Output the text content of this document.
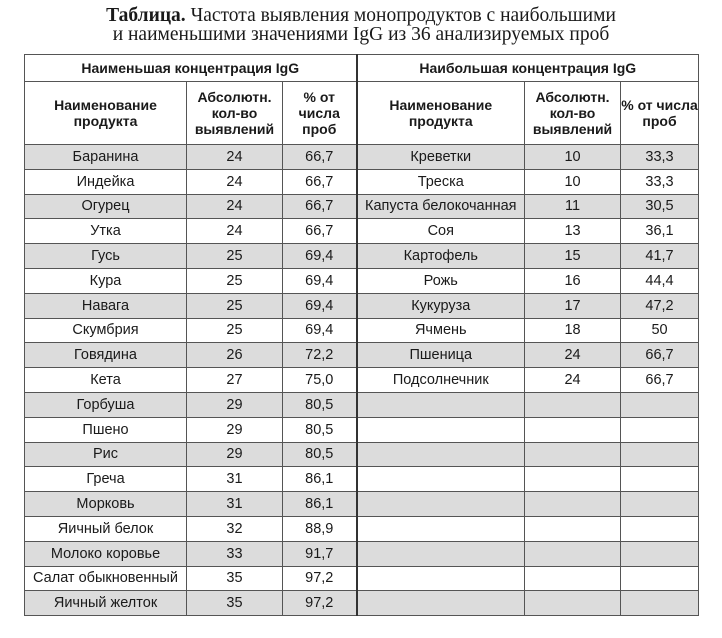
Таблица. Частота выявления монопродуктов с наибольшими
и наименьшими значениями IgG из 36 анализируемых проб
Наименьшая концентрация IgG			Наибольшая концентрация IgG		
Наименование продукта	Абсолютн. кол-во выявлений	% от числа проб	Наименование продукта	Абсолютн. кол-во выявлений	% от числа проб
Баранина	24	66,7	Креветки	10	33,3
Индейка	24	66,7	Треска	10	33,3
Огурец	24	66,7	Капуста белокочанная	11	30,5
Утка	24	66,7	Соя	13	36,1
Гусь	25	69,4	Картофель	15	41,7
Кура	25	69,4	Рожь	16	44,4
Навага	25	69,4	Кукуруза	17	47,2
Скумбрия	25	69,4	Ячмень	18	50
Говядина	26	72,2	Пшеница	24	66,7
Кета	27	75,0	Подсолнечник	24	66,7
Горбуша	29	80,5			
Пшено	29	80,5			
Рис	29	80,5			
Греча	31	86,1			
Морковь	31	86,1			
Яичный белок	32	88,9			
Молоко коровье	33	91,7			
Салат обыкновенный	35	97,2			
Яичный желток	35	97,2			
